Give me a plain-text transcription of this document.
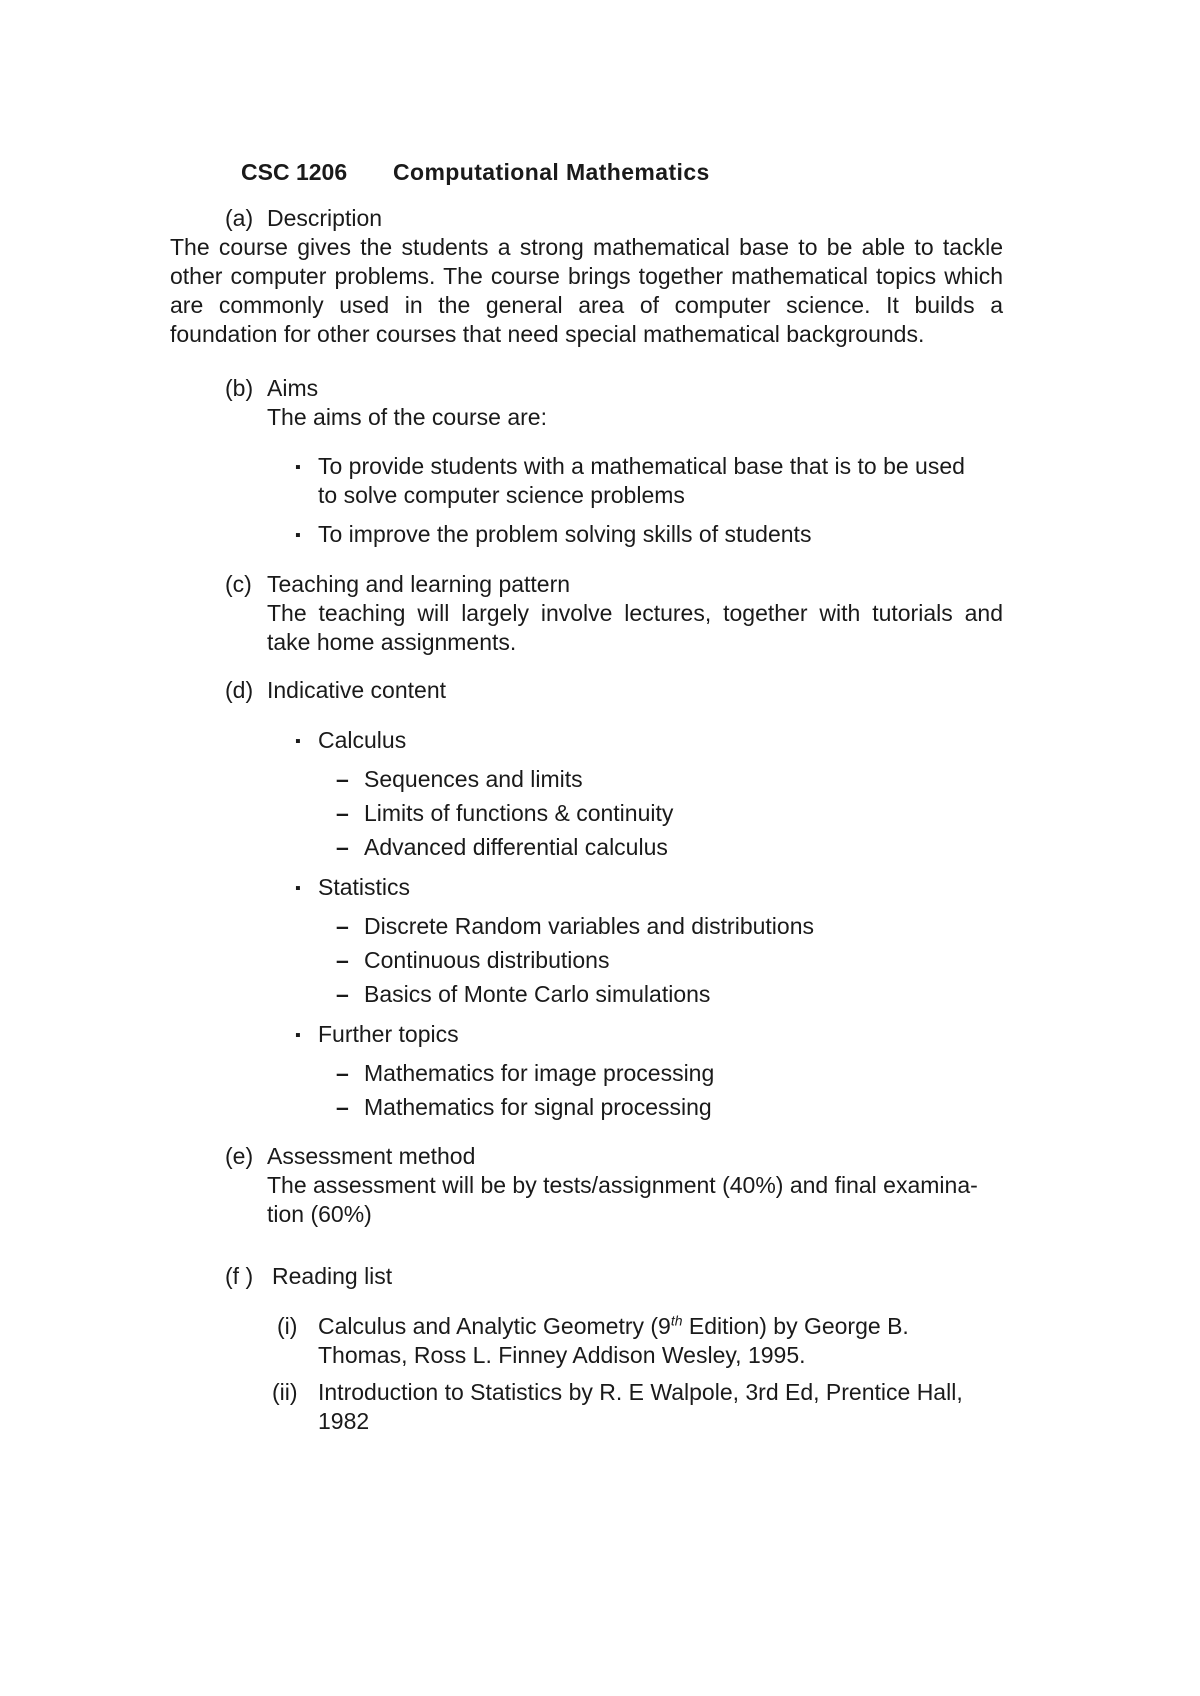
CSC 1206 Computational Mathematics
(a) Description
The course gives the students a strong mathematical base to be able to tackle other computer problems. The course brings together mathematical topics which are commonly used in the general area of computer science. It builds a foundation for other courses that need special mathematical backgrounds.
(b) Aims
The aims of the course are:
▪ To provide students with a mathematical base that is to be used to solve computer science problems
▪ To improve the problem solving skills of students
(c) Teaching and learning pattern
The teaching will largely involve lectures, together with tutorials and take home assignments.
(d) Indicative content
▪ Calculus
– Sequences and limits
– Limits of functions & continuity
– Advanced differential calculus
▪ Statistics
– Discrete Random variables and distributions
– Continuous distributions
– Basics of Monte Carlo simulations
▪ Further topics
– Mathematics for image processing
– Mathematics for signal processing
(e) Assessment method
The assessment will be by tests/assignment (40%) and final examina-
tion (60%)
(f ) Reading list
(i) Calculus and Analytic Geometry (9th Edition) by George B.
Thomas, Ross L. Finney Addison Wesley, 1995.
(ii) Introduction to Statistics by R. E Walpole, 3rd Ed, Prentice Hall,
1982
